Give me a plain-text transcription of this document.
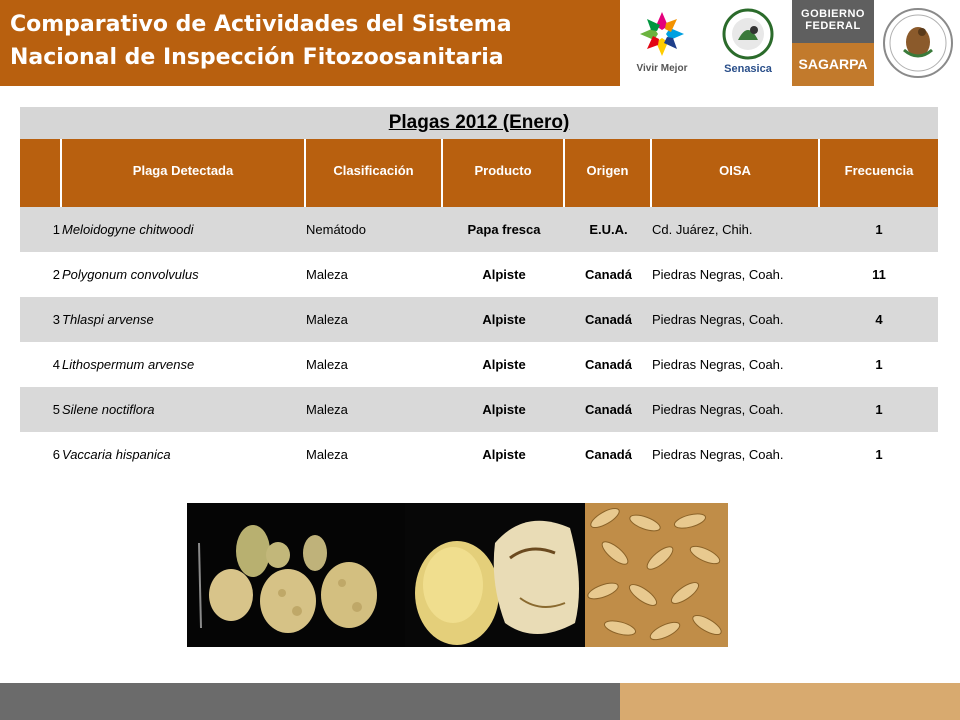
Comparativo de Actividades del Sistema
Nacional de Inspección Fitozoosanitaria	Vivir Mejor	Senasica
GOBIERNO
FEDERAL
SAGARPA
Plagas 2012 (Enero)
Plaga Detectada	Clasificación	Producto	Origen	OISA	Frecuencia
1 Meloidogyne chitwoodi	Nemátodo	Papa fresca	E.U.A.	Cd. Juárez, Chih.	1
2 Polygonum convolvulus	Maleza	Alpiste	Canadá	Piedras Negras, Coah.	11
3 Thlaspi arvense	Maleza	Alpiste	Canadá	Piedras Negras, Coah.	4
4 Lithospermum arvense	Maleza	Alpiste	Canadá	Piedras Negras, Coah.	1
5 Silene noctiflora	Maleza	Alpiste	Canadá	Piedras Negras, Coah.	1
6 Vaccaria hispanica	Maleza	Alpiste	Canadá	Piedras Negras, Coah.	1
